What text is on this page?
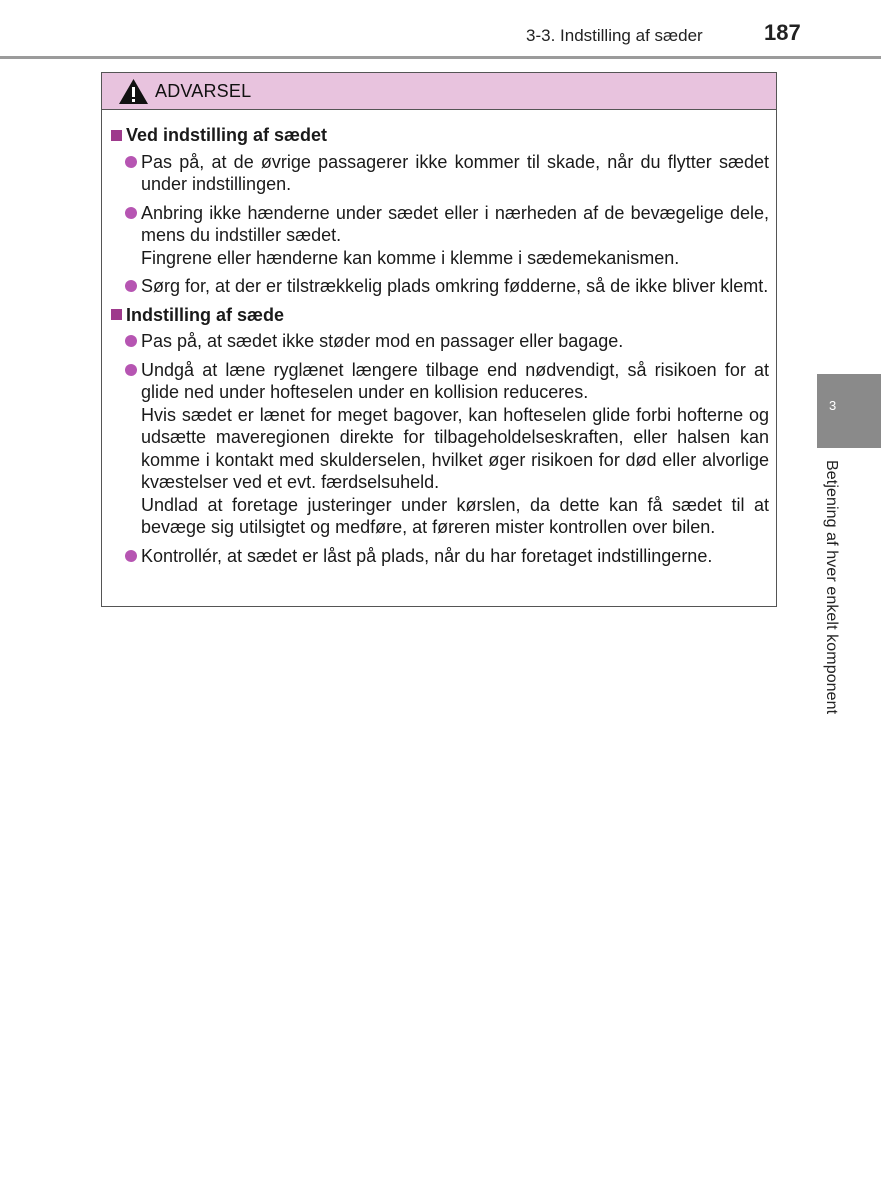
3-3. Indstilling af sæder	187
ADVARSEL
Ved indstilling af sædet

Pas på, at de øvrige passagerer ikke kommer til skade, når du flytter sædet under indstillingen.

Anbring ikke hænderne under sædet eller i nærheden af de bevægelige dele, mens du indstiller sædet.

Fingrene eller hænderne kan komme i klemme i sædemekanismen.

Sørg for, at der er tilstrækkelig plads omkring fødderne, så de ikke bliver klemt.

Indstilling af sæde

Pas på, at sædet ikke støder mod en passager eller bagage.

Undgå at læne ryglænet længere tilbage end nødvendigt, så risikoen for at glide ned under hofteselen under en kollision reduceres.

Hvis sædet er lænet for meget bagover, kan hofteselen glide forbi hofterne og udsætte maveregionen direkte for tilbageholdelseskraften, eller halsen kan komme i kontakt med skulderselen, hvilket øger risikoen for død eller alvorlige kvæstelser ved et evt. færdselsuheld.

Undlad at foretage justeringer under kørslen, da dette kan få sædet til at bevæge sig utilsigtet og medføre, at føreren mister kontrollen over bilen.

Kontrollér, at sædet er låst på plads, når du har foretaget indstillingerne.

3
Betjening af hver enkelt komponent
